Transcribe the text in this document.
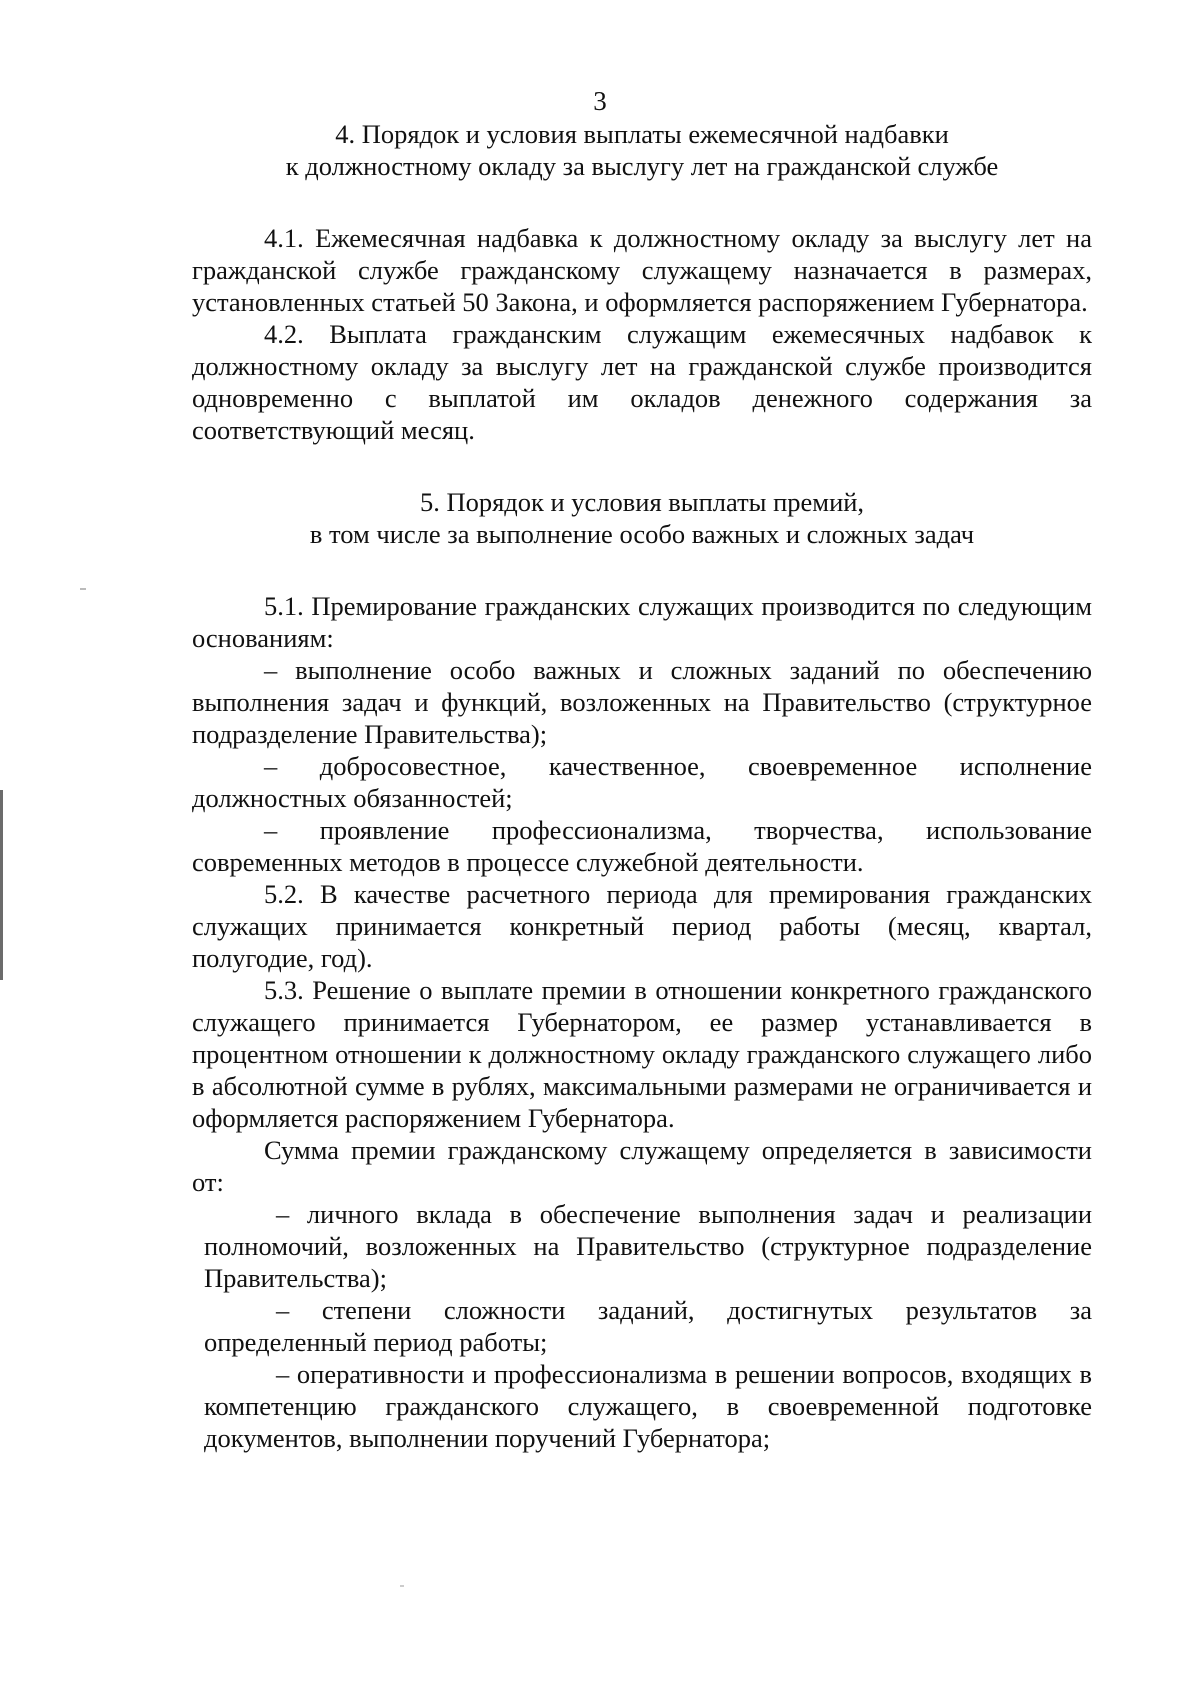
3
4. Порядок и условия выплаты ежемесячной надбавки
к должностному окладу за выслугу лет на гражданской службе

4.1. Ежемесячная надбавка к должностному окладу за выслугу лет на гражданской службе гражданскому служащему назначается в размерах, установленных статьей 50 Закона, и оформляется распоряжением Губернатора.

4.2. Выплата гражданским служащим ежемесячных надбавок к должностному окладу за выслугу лет на гражданской службе производится одновременно с выплатой им окладов денежного содержания за соответствующий месяц.

5. Порядок и условия выплаты премий,
в том числе за выполнение особо важных и сложных задач

5.1. Премирование гражданских служащих производится по следующим основаниям:

– выполнение особо важных и сложных заданий по обеспечению выполнения задач и функций, возложенных на Правительство (структурное подразделение Правительства);

– добросовестное, качественное, своевременное исполнение должностных обязанностей;

– проявление профессионализма, творчества, использование современных методов в процессе служебной деятельности.

5.2. В качестве расчетного периода для премирования гражданских служащих принимается конкретный период работы (месяц, квартал, полугодие, год).

5.3. Решение о выплате премии в отношении конкретного гражданского служащего принимается Губернатором, ее размер устанавливается в процентном отношении к должностному окладу гражданского служащего либо в абсолютной сумме в рублях, максимальными размерами не ограничивается и оформляется распоряжением Губернатора.

Сумма премии гражданскому служащему определяется в зависимости от:

– личного вклада в обеспечение выполнения задач и реализации полномочий, возложенных на Правительство (структурное подразделение Правительства);

– степени сложности заданий, достигнутых результатов за определенный период работы;

– оперативности и профессионализма в решении вопросов, входящих в компетенцию гражданского служащего, в своевременной подготовке документов, выполнении поручений Губернатора;
